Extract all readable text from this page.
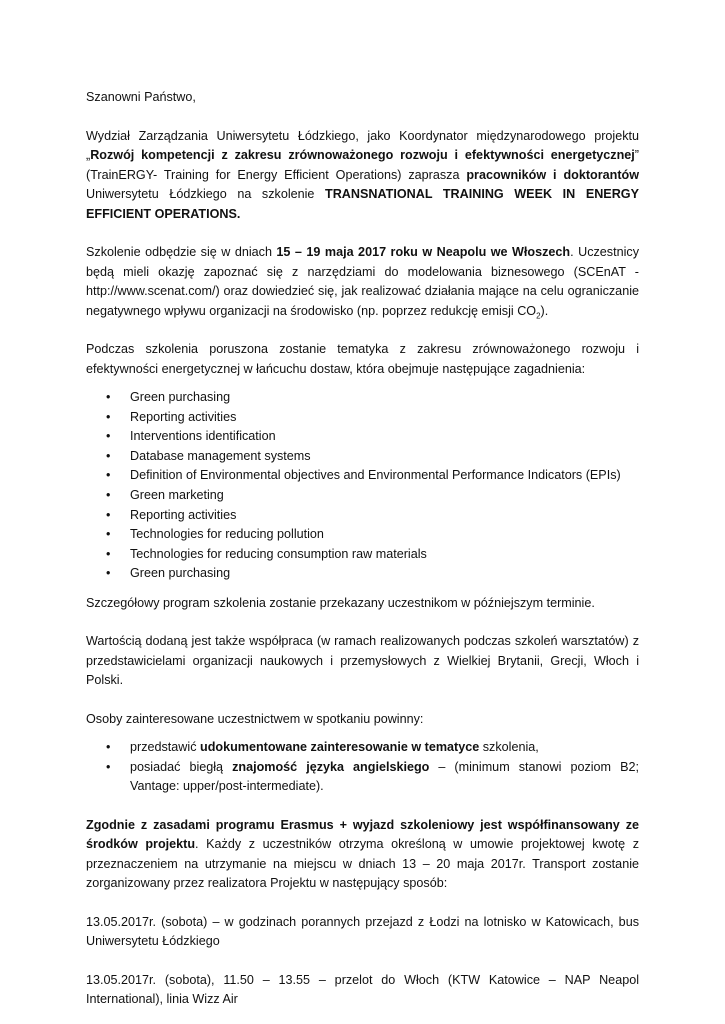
Szanowni Państwo,

Wydział Zarządzania Uniwersytetu Łódzkiego, jako Koordynator międzynarodowego projektu „Rozwój kompetencji z zakresu zrównoważonego rozwoju i efektywności energetycznej” (TrainERGY- Training for Energy Efficient Operations) zaprasza pracowników i doktorantów Uniwersytetu Łódzkiego na szkolenie TRANSNATIONAL TRAINING WEEK IN ENERGY EFFICIENT OPERATIONS.

Szkolenie odbędzie się w dniach 15 – 19 maja 2017 roku w Neapolu we Włoszech. Uczestnicy będą mieli okazję zapoznać się z narzędziami do modelowania biznesowego (SCEnAT - http://www.scenat.com/) oraz dowiedzieć się, jak realizować działania mające na celu ograniczanie negatywnego wpływu organizacji na środowisko (np. poprzez redukcję emisji $CO_2$).

Podczas szkolenia poruszona zostanie tematyka z zakresu zrównoważonego rozwoju i efektywności energetycznej w łańcuchu dostaw, która obejmuje następujące zagadnienia:

• Green purchasing
• Reporting activities
• Interventions identification
• Database management systems
• Definition of Environmental objectives and Environmental Performance Indicators (EPIs)
• Green marketing
• Reporting activities
• Technologies for reducing pollution
• Technologies for reducing consumption raw materials
• Green purchasing

Szczegółowy program szkolenia zostanie przekazany uczestnikom w późniejszym terminie.

Wartością dodaną jest także współpraca (w ramach realizowanych podczas szkoleń warsztatów) z przedstawicielami organizacji naukowych i przemysłowych z Wielkiej Brytanii, Grecji, Włoch i Polski.

Osoby zainteresowane uczestnictwem w spotkaniu powinny:

• przedstawić udokumentowane zainteresowanie w tematyce szkolenia,
• posiadać biegłą znajomość języka angielskiego – (minimum stanowi poziom B2; Vantage: upper/post-intermediate).

Zgodnie z zasadami programu Erasmus + wyjazd szkoleniowy jest współfinansowany ze środków projektu. Każdy z uczestników otrzyma określoną w umowie projektowej kwotę z przeznaczeniem na utrzymanie na miejscu w dniach 13 – 20 maja 2017r. Transport zostanie zorganizowany przez realizatora Projektu w następujący sposób:

13.05.2017r. (sobota) – w godzinach porannych przejazd z Łodzi na lotnisko w Katowicach, bus Uniwersytetu Łódzkiego

13.05.2017r. (sobota), 11.50 – 13.55 – przelot do Włoch (KTW Katowice – NAP Neapol International), linia Wizz Air
